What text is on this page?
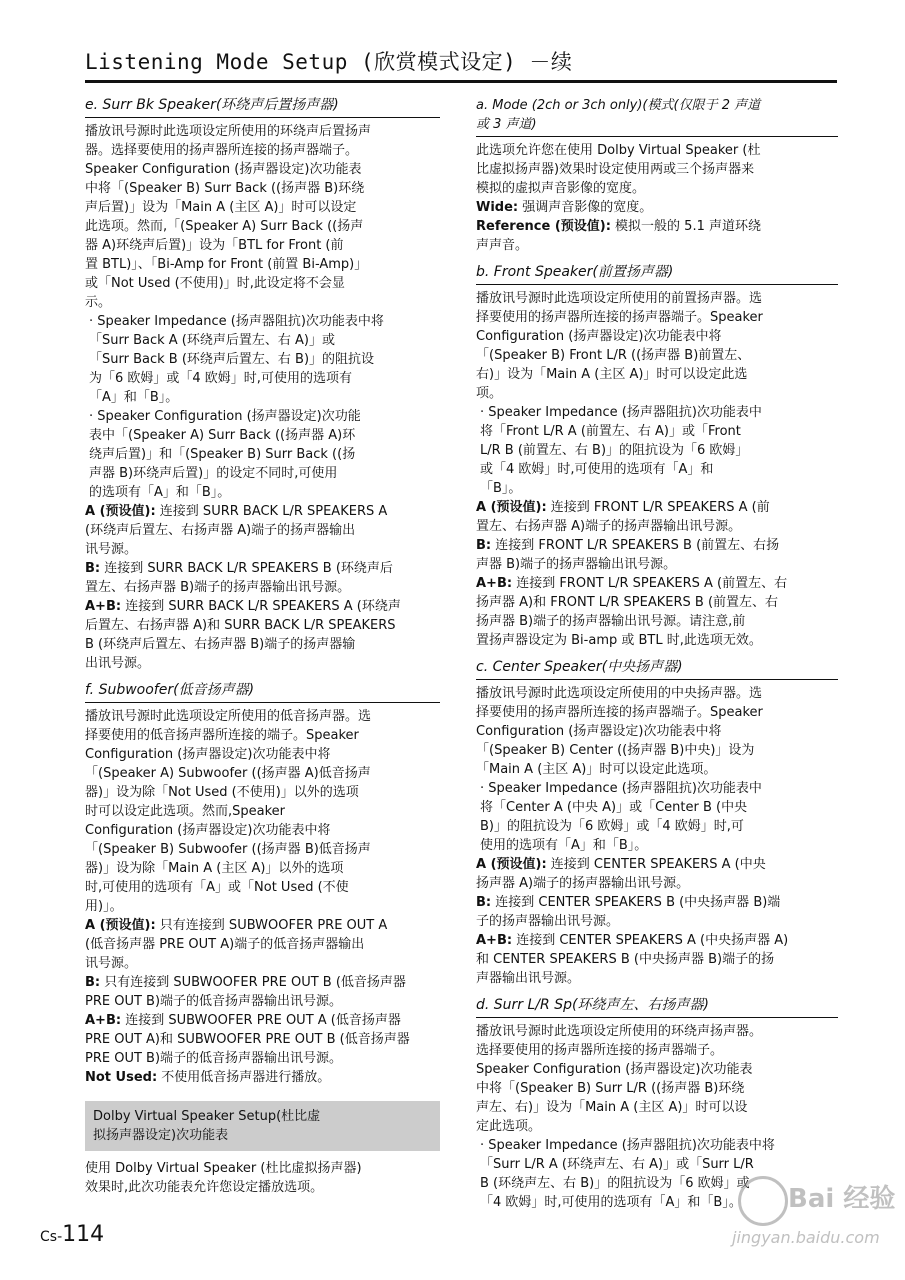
Listening Mode Setup (欣赏模式设定) －续
e. Surr Bk Speaker(环绕声后置扬声器)

播放讯号源时此选项设定所使用的环绕声后置扬声

器。选择要使用的扬声器所连接的扬声器端子。

Speaker Configuration (扬声器设定)次功能表

中将「(Speaker B) Surr Back ((扬声器 B)环绕

声后置)」设为「Main A (主区 A)」时可以设定

此选项。然而,「(Speaker A) Surr Back ((扬声

器 A)环绕声后置)」设为「BTL for Front (前

置 BTL)」、「Bi-Amp for Front (前置 Bi-Amp)」

或「Not Used (不使用)」时,此设定将不会显

示。

· Speaker Impedance (扬声器阻抗)次功能表中将

「Surr Back A (环绕声后置左、右 A)」或

「Surr Back B (环绕声后置左、右 B)」的阻抗设

为「6 欧姆」或「4 欧姆」时,可使用的选项有

「A」和「B」。

· Speaker Configuration (扬声器设定)次功能

表中「(Speaker A) Surr Back ((扬声器 A)环

绕声后置)」和「(Speaker B) Surr Back ((扬

声器 B)环绕声后置)」的设定不同时,可使用

的选项有「A」和「B」。

A (预设值): 连接到 SURR BACK L/R SPEAKERS A

(环绕声后置左、右扬声器 A)端子的扬声器输出

讯号源。

B: 连接到 SURR BACK L/R SPEAKERS B (环绕声后

置左、右扬声器 B)端子的扬声器输出讯号源。

A+B: 连接到 SURR BACK L/R SPEAKERS A (环绕声

后置左、右扬声器 A)和 SURR BACK L/R SPEAKERS

B (环绕声后置左、右扬声器 B)端子的扬声器输

出讯号源。

f. Subwoofer(低音扬声器)

播放讯号源时此选项设定所使用的低音扬声器。选

择要使用的低音扬声器所连接的端子。Speaker

Configuration (扬声器设定)次功能表中将

「(Speaker A) Subwoofer ((扬声器 A)低音扬声

器)」设为除「Not Used (不使用)」以外的选项

时可以设定此选项。然而,Speaker

Configuration (扬声器设定)次功能表中将

「(Speaker B) Subwoofer ((扬声器 B)低音扬声

器)」设为除「Main A (主区 A)」以外的选项

时,可使用的选项有「A」或「Not Used (不使

用)」。

A (预设值): 只有连接到 SUBWOOFER PRE OUT A

(低音扬声器 PRE OUT A)端子的低音扬声器输出

讯号源。

B: 只有连接到 SUBWOOFER PRE OUT B (低音扬声器

PRE OUT B)端子的低音扬声器输出讯号源。

A+B: 连接到 SUBWOOFER PRE OUT A (低音扬声器

PRE OUT A)和 SUBWOOFER PRE OUT B (低音扬声器

PRE OUT B)端子的低音扬声器输出讯号源。

Not Used: 不使用低音扬声器进行播放。

Dolby Virtual Speaker Setup(杜比虚

拟扬声器设定)次功能表

使用 Dolby Virtual Speaker (杜比虚拟扬声器)

效果时,此次功能表允许您设定播放选项。

a. Mode (2ch or 3ch only)(模式(仅限于 2 声道

或 3 声道)

此选项允许您在使用 Dolby Virtual Speaker (杜

比虚拟扬声器)效果时设定使用两或三个扬声器来

模拟的虚拟声音影像的宽度。

Wide: 强调声音影像的宽度。

Reference (预设值): 模拟一般的 5.1 声道环绕

声声音。

b. Front Speaker(前置扬声器)

播放讯号源时此选项设定所使用的前置扬声器。选

择要使用的扬声器所连接的扬声器端子。Speaker

Configuration (扬声器设定)次功能表中将

「(Speaker B) Front L/R ((扬声器 B)前置左、

右)」设为「Main A (主区 A)」时可以设定此选

项。

· Speaker Impedance (扬声器阻抗)次功能表中

将「Front L/R A (前置左、右 A)」或「Front

L/R B (前置左、右 B)」的阻抗设为「6 欧姆」

或「4 欧姆」时,可使用的选项有「A」和

「B」。

A (预设值): 连接到 FRONT L/R SPEAKERS A (前

置左、右扬声器 A)端子的扬声器输出讯号源。

B: 连接到 FRONT L/R SPEAKERS B (前置左、右扬

声器 B)端子的扬声器输出讯号源。

A+B: 连接到 FRONT L/R SPEAKERS A (前置左、右

扬声器 A)和 FRONT L/R SPEAKERS B (前置左、右

扬声器 B)端子的扬声器输出讯号源。请注意,前

置扬声器设定为 Bi-amp 或 BTL 时,此选项无效。

c. Center Speaker(中央扬声器)

播放讯号源时此选项设定所使用的中央扬声器。选

择要使用的扬声器所连接的扬声器端子。Speaker

Configuration (扬声器设定)次功能表中将

「(Speaker B) Center ((扬声器 B)中央)」设为

「Main A (主区 A)」时可以设定此选项。

· Speaker Impedance (扬声器阻抗)次功能表中

将「Center A (中央 A)」或「Center B (中央

B)」的阻抗设为「6 欧姆」或「4 欧姆」时,可

使用的选项有「A」和「B」。

A (预设值): 连接到 CENTER SPEAKERS A (中央

扬声器 A)端子的扬声器输出讯号源。

B: 连接到 CENTER SPEAKERS B (中央扬声器 B)端

子的扬声器输出讯号源。

A+B: 连接到 CENTER SPEAKERS A (中央扬声器 A)

和 CENTER SPEAKERS B (中央扬声器 B)端子的扬

声器输出讯号源。

d. Surr L/R Sp(环绕声左、右扬声器)

播放讯号源时此选项设定所使用的环绕声扬声器。

选择要使用的扬声器所连接的扬声器端子。

Speaker Configuration (扬声器设定)次功能表

中将「(Speaker B) Surr L/R ((扬声器 B)环绕

声左、右)」设为「Main A (主区 A)」时可以设

定此选项。

· Speaker Impedance (扬声器阻抗)次功能表中将

「Surr L/R A (环绕声左、右 A)」或「Surr L/R

B (环绕声左、右 B)」的阻抗设为「6 欧姆」或

「4 欧姆」时,可使用的选项有「A」和「B」。

Cs-114
Bai 经验
jingyan.baidu.com
